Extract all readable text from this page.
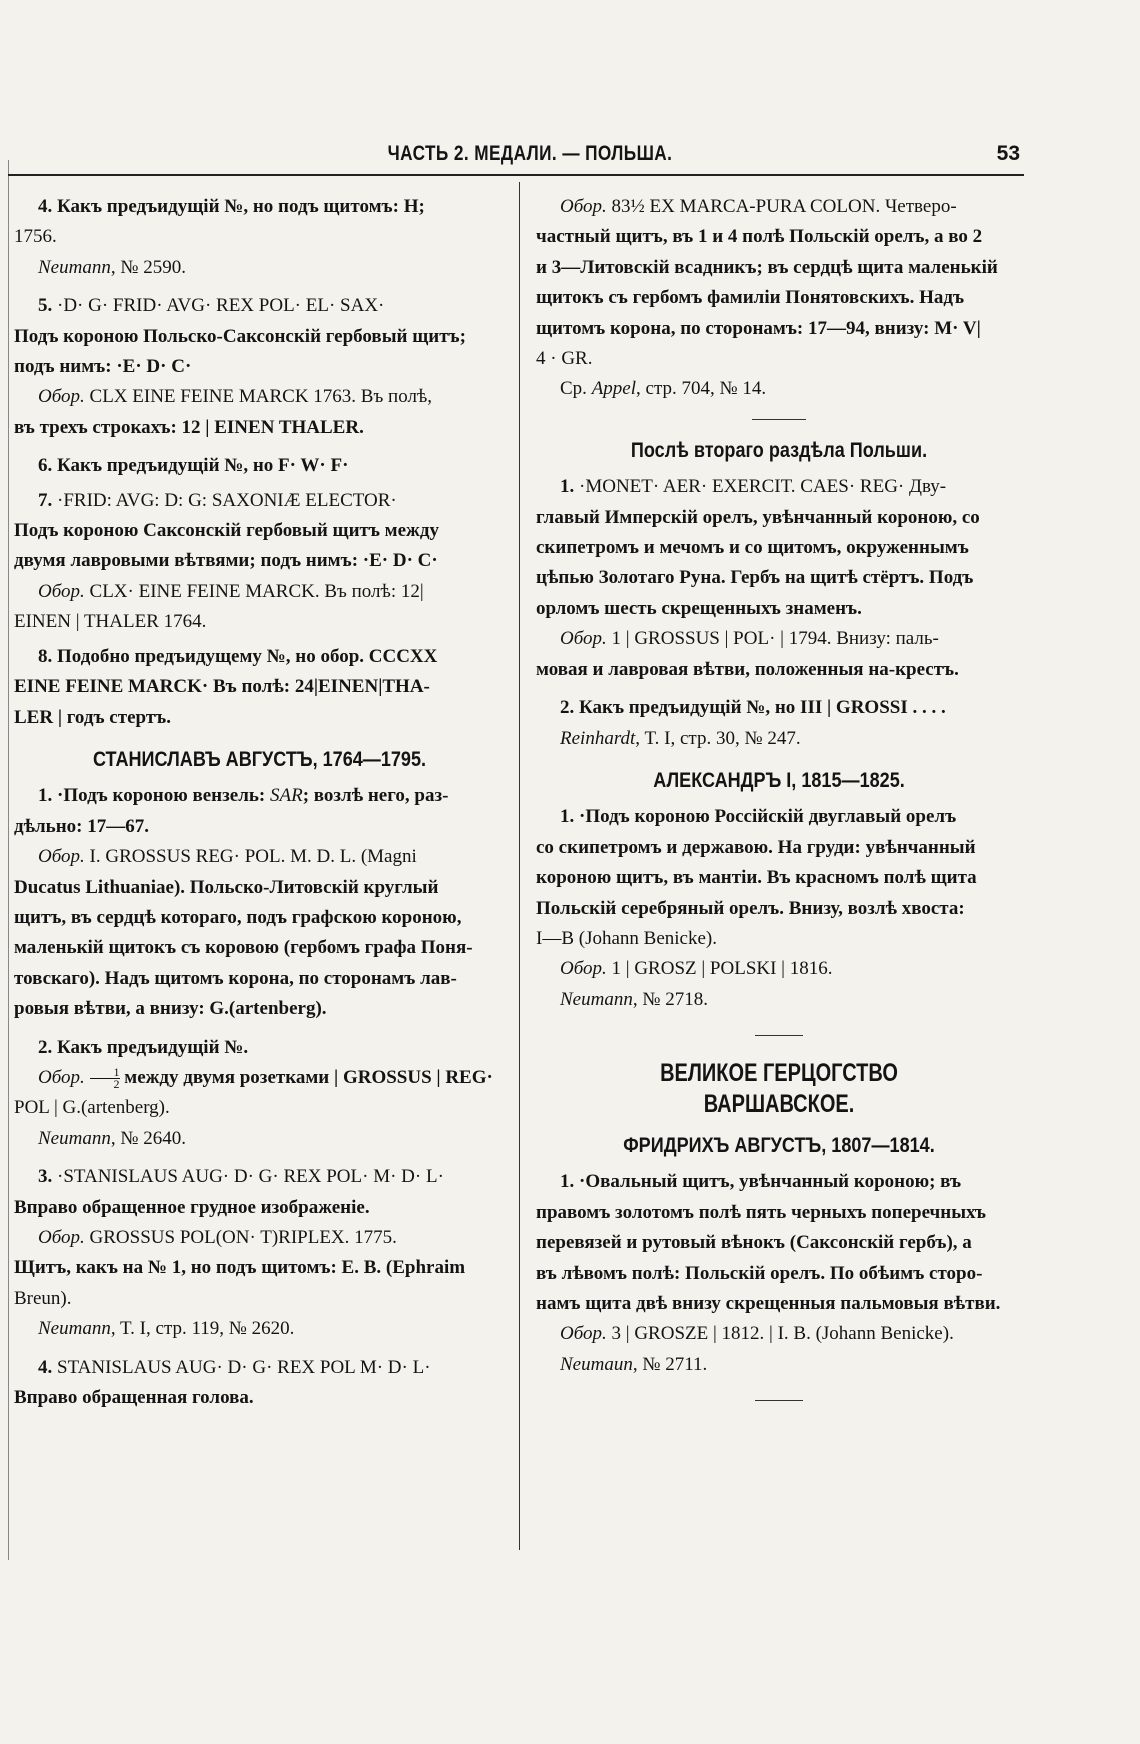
ЧАСТЬ 2. МЕДАЛИ. — ПОЛЬША.	53

4. Какъ предъидущій №, но подъ щитомъ: Н;

1756.

Neumann, № 2590.

5. ·D· G· FRID· AVG· REX POL· EL· SAX·

Подъ короною Польско-Саксонскій гербовый щитъ;

подъ нимъ: ·E· D· C·

Обор. CLX EINE FEINE MARCK 1763. Въ полѣ,

въ трехъ строкахъ: 12 | EINEN THALER.

6. Какъ предъидущій №, но F· W· F·

7. ·FRID: AVG: D: G: SAXONIÆ ELECTOR·

Подъ короною Саксонскій гербовый щитъ между

двумя лавровыми вѣтвями; подъ нимъ: ·E· D· C·

Обор. CLX· EINE FEINE MARCK. Въ полѣ: 12|

EINEN | THALER 1764.

8. Подобно предъидущему №, но обор. CCCXX

EINE FEINE MARCK· Въ полѣ: 24|EINEN|THA-

LER | годъ стертъ.

СТАНИСЛАВЪ АВГУСТЪ, 1764—1795.

1. ·Подъ короною вензель: SAR; возлѣ него, раз-

дѣльно: 17—67.

Обор. I. GROSSUS REG· POL. M. D. L. (Magni

Ducatus Lithuaniae). Польско-Литовскій круглый

щитъ, въ сердцѣ котораго, подъ графскою короною,

маленькій щитокъ съ коровою (гербомъ графа Поня-

товскаго). Надъ щитомъ корона, по сторонамъ лав-

ровыя вѣтви, а внизу: G.(artenberg).

2. Какъ предъидущій №.

Обор. $\frac{1}{2}$ между двумя розетками | GROSSUS | REG·

POL | G.(artenberg).

Neumann, № 2640.

3. ·STANISLAUS AUG· D· G· REX POL· M· D· L·

Вправо обращенное грудное изображеніе.

Обор. GROSSUS POL(ON· T)RIPLEX. 1775.

Щитъ, какъ на № 1, но подъ щитомъ: E. B. (Ephraim

Breun).

Neumann, T. I, стр. 119, № 2620.

4. STANISLAUS AUG· D· G· REX POL M· D· L·

Вправо обращенная голова.

Обор. 83½ EX MARCA-PURA COLON. Четверо-

частный щитъ, въ 1 и 4 полѣ Польскій орелъ, а во 2

и 3—Литовскій всадникъ; въ сердцѣ щита маленькій

щитокъ съ гербомъ фамиліи Понятовскихъ. Надъ

щитомъ корона, по сторонамъ: 17—94, внизу: M· V|

4 · GR.

Ср. Appel, стр. 704, № 14.

Послѣ втораго раздѣла Польши.

1. ·MONET· AER· EXERCIT. CAES· REG· Дву-

главый Имперскій орелъ, увѣнчанный короною, со

скипетромъ и мечомъ и со щитомъ, окруженнымъ

цѣпью Золотаго Руна. Гербъ на щитѣ стёртъ. Подъ

орломъ шесть скрещенныхъ знаменъ.

Обор. 1 | GROSSUS | POL· | 1794. Внизу: паль-

мовая и лавровая вѣтви, положенныя на-крестъ.

2. Какъ предъидущій №, но III | GROSSI . . . .

Reinhardt, T. I, стр. 30, № 247.

АЛЕКСАНДРЪ I, 1815—1825.

1. ·Подъ короною Россійскій двуглавый орелъ

со скипетромъ и державою. На груди: увѣнчанный

короною щитъ, въ мантіи. Въ красномъ полѣ щита

Польскій серебряный орелъ. Внизу, возлѣ хвоста:

I—B (Johann Benicke).

Обор. 1 | GROSZ | POLSKI | 1816.

Neumann, № 2718.

ВЕЛИКОЕ ГЕРЦОГСТВО ВАРШАВСКОЕ.
ФРИДРИХЪ АВГУСТЪ, 1807—1814.

1. ·Овальный щитъ, увѣнчанный короною; въ

правомъ золотомъ полѣ пять черныхъ поперечныхъ

перевязей и рутовый вѣнокъ (Саксонскій гербъ), а

въ лѣвомъ полѣ: Польскій орелъ. По обѣимъ сторо-

намъ щита двѣ внизу скрещенныя пальмовыя вѣтви.

Обор. 3 | GROSZE | 1812. | I. B. (Johann Benicke).

Neumaun, № 2711.
